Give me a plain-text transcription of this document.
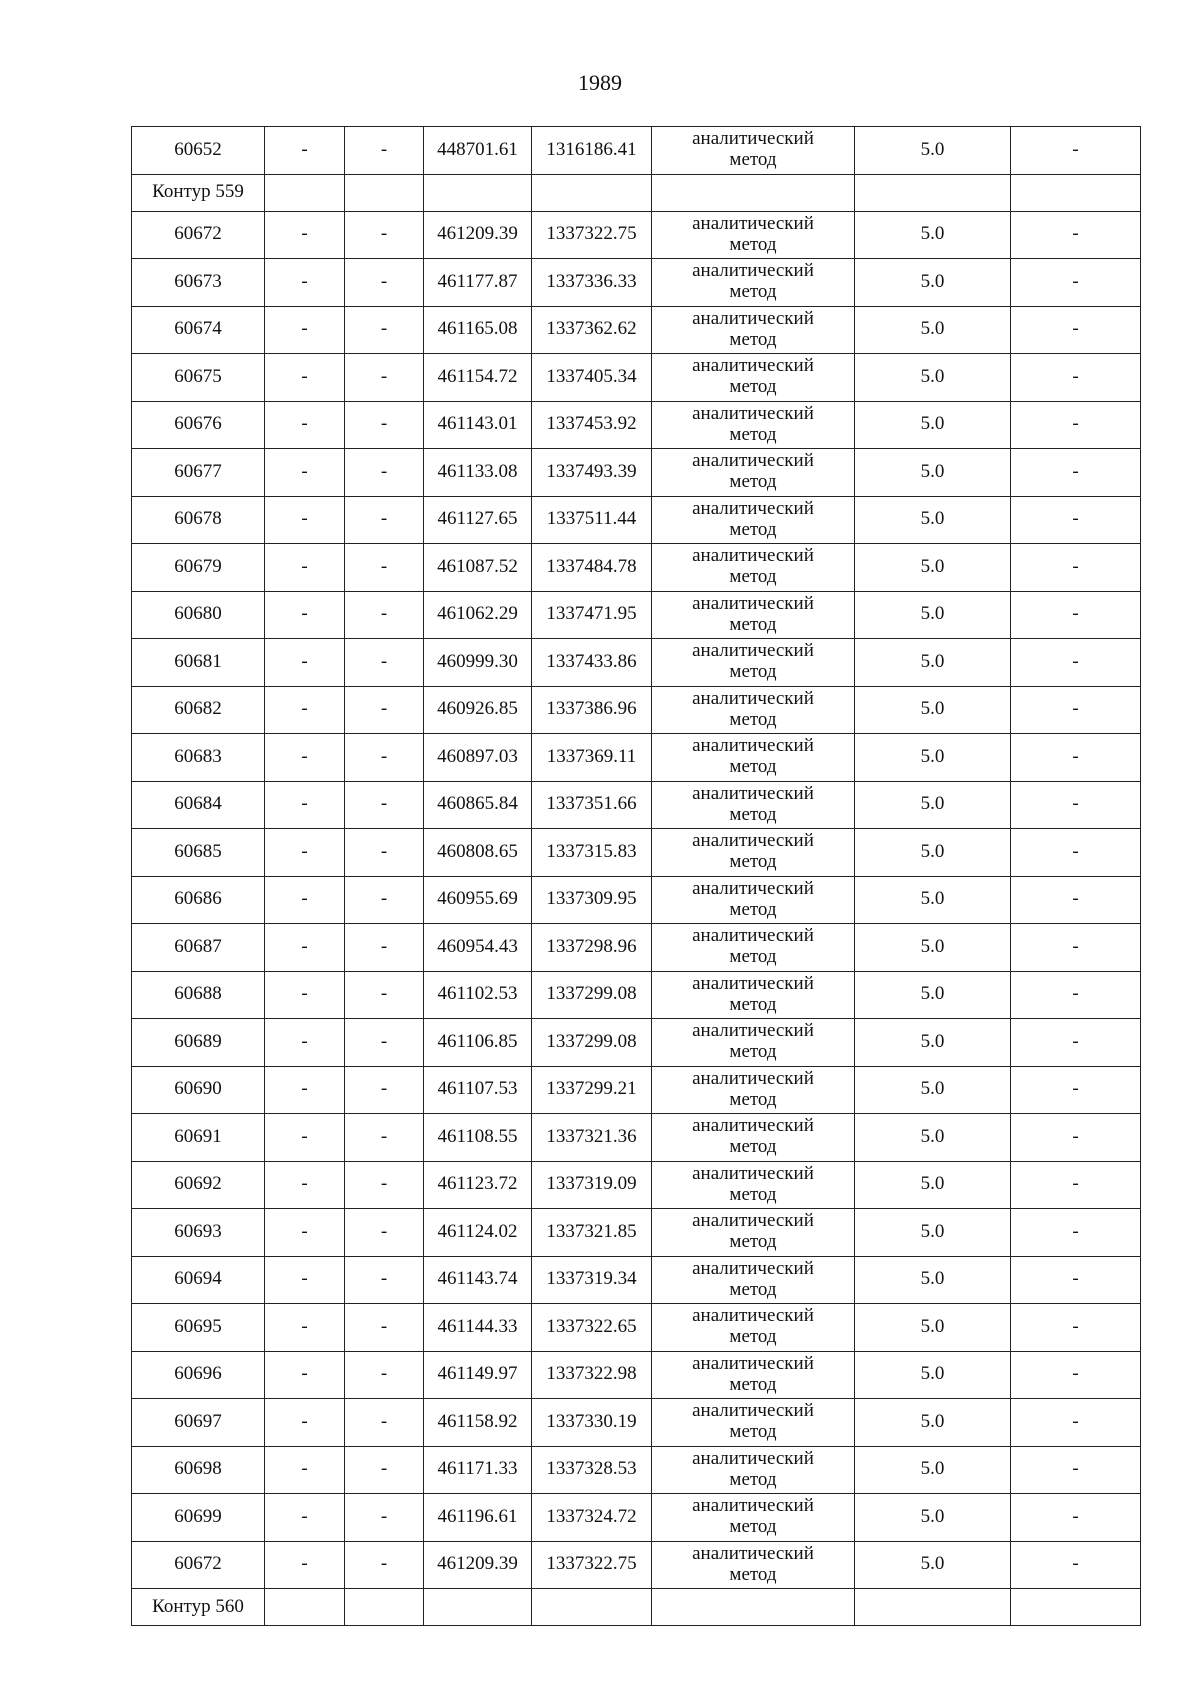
1989
60652	-	-	448701.61	1316186.41	аналитический
метод	5.0	-
Контур 559							
60672	-	-	461209.39	1337322.75	аналитический
метод	5.0	-
60673	-	-	461177.87	1337336.33	аналитический
метод	5.0	-
60674	-	-	461165.08	1337362.62	аналитический
метод	5.0	-
60675	-	-	461154.72	1337405.34	аналитический
метод	5.0	-
60676	-	-	461143.01	1337453.92	аналитический
метод	5.0	-
60677	-	-	461133.08	1337493.39	аналитический
метод	5.0	-
60678	-	-	461127.65	1337511.44	аналитический
метод	5.0	-
60679	-	-	461087.52	1337484.78	аналитический
метод	5.0	-
60680	-	-	461062.29	1337471.95	аналитический
метод	5.0	-
60681	-	-	460999.30	1337433.86	аналитический
метод	5.0	-
60682	-	-	460926.85	1337386.96	аналитический
метод	5.0	-
60683	-	-	460897.03	1337369.11	аналитический
метод	5.0	-
60684	-	-	460865.84	1337351.66	аналитический
метод	5.0	-
60685	-	-	460808.65	1337315.83	аналитический
метод	5.0	-
60686	-	-	460955.69	1337309.95	аналитический
метод	5.0	-
60687	-	-	460954.43	1337298.96	аналитический
метод	5.0	-
60688	-	-	461102.53	1337299.08	аналитический
метод	5.0	-
60689	-	-	461106.85	1337299.08	аналитический
метод	5.0	-
60690	-	-	461107.53	1337299.21	аналитический
метод	5.0	-
60691	-	-	461108.55	1337321.36	аналитический
метод	5.0	-
60692	-	-	461123.72	1337319.09	аналитический
метод	5.0	-
60693	-	-	461124.02	1337321.85	аналитический
метод	5.0	-
60694	-	-	461143.74	1337319.34	аналитический
метод	5.0	-
60695	-	-	461144.33	1337322.65	аналитический
метод	5.0	-
60696	-	-	461149.97	1337322.98	аналитический
метод	5.0	-
60697	-	-	461158.92	1337330.19	аналитический
метод	5.0	-
60698	-	-	461171.33	1337328.53	аналитический
метод	5.0	-
60699	-	-	461196.61	1337324.72	аналитический
метод	5.0	-
60672	-	-	461209.39	1337322.75	аналитический
метод	5.0	-
Контур 560							
